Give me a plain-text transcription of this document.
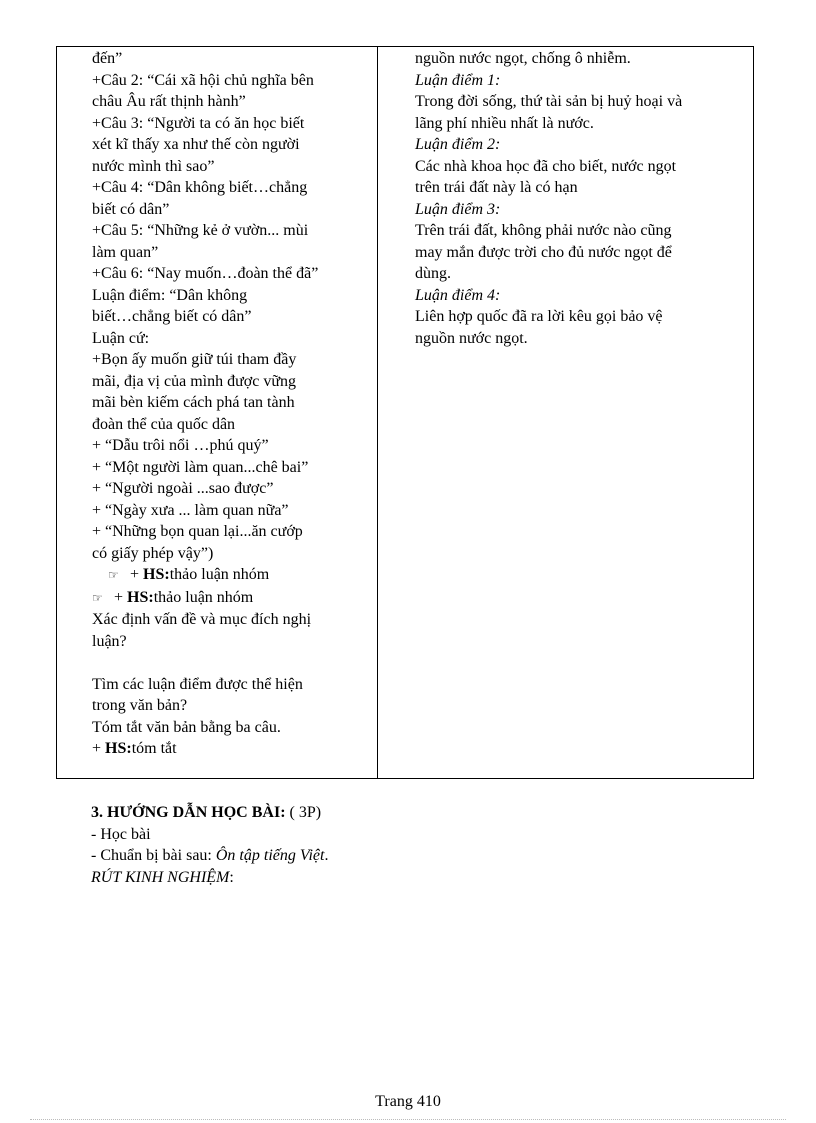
đến”
+Câu 2: “Cái xã hội chủ nghĩa bên
châu Âu rất thịnh hành”
+Câu 3: “Người ta có ăn học biết
xét kĩ thấy xa như thế còn người
nước mình thì sao”
+Câu 4: “Dân không biết…chẳng
biết có dân”
+Câu 5: “Những kẻ ở vườn... mùi
làm quan”
+Câu 6: “Nay muốn…đoàn thể đã”
Luận điểm: “Dân không
biết…chẳng biết có dân”
Luận cứ:
+Bọn ấy muốn giữ túi tham đầy
mãi, địa vị của mình được vững
mãi bèn kiếm cách phá tan tành
đoàn thể của quốc dân
+ “Dẫu trôi nổi …phú quý”
+ “Một người làm quan...chê bai”
+ “Người ngoài ...sao được”
+ “Ngày xưa ... làm quan nữa”
+ “Những bọn quan lại...ăn cướp
có giấy phép vậy”)
☞ + HS:thảo luận nhóm
☞ + HS:thảo luận nhóm
Xác định vấn đề và mục đích nghị
luận?
Tìm các luận điểm được thể hiện
trong văn bản?
Tóm tắt văn bản bằng ba câu.
+ HS:tóm tắt
nguồn nước ngọt, chống ô nhiễm.
Luận điểm 1:
Trong đời sống, thứ tài sản bị huỷ hoại và
lãng phí nhiều nhất là nước.
Luận điểm 2:
Các nhà khoa học đã cho biết, nước ngọt
trên trái đất này là có hạn
Luận điểm 3:
Trên trái đất, không phải nước nào cũng
may mắn được trời cho đủ nước ngọt để
dùng.
Luận điểm 4:
Liên hợp quốc đã ra lời kêu gọi bảo vệ
nguồn nước ngọt.
3. HƯỚNG DẪN HỌC BÀI: ( 3P)
- Học bài
- Chuẩn bị bài sau: Ôn tập tiếng Việt.
RÚT KINH NGHIỆM:
Trang 410
